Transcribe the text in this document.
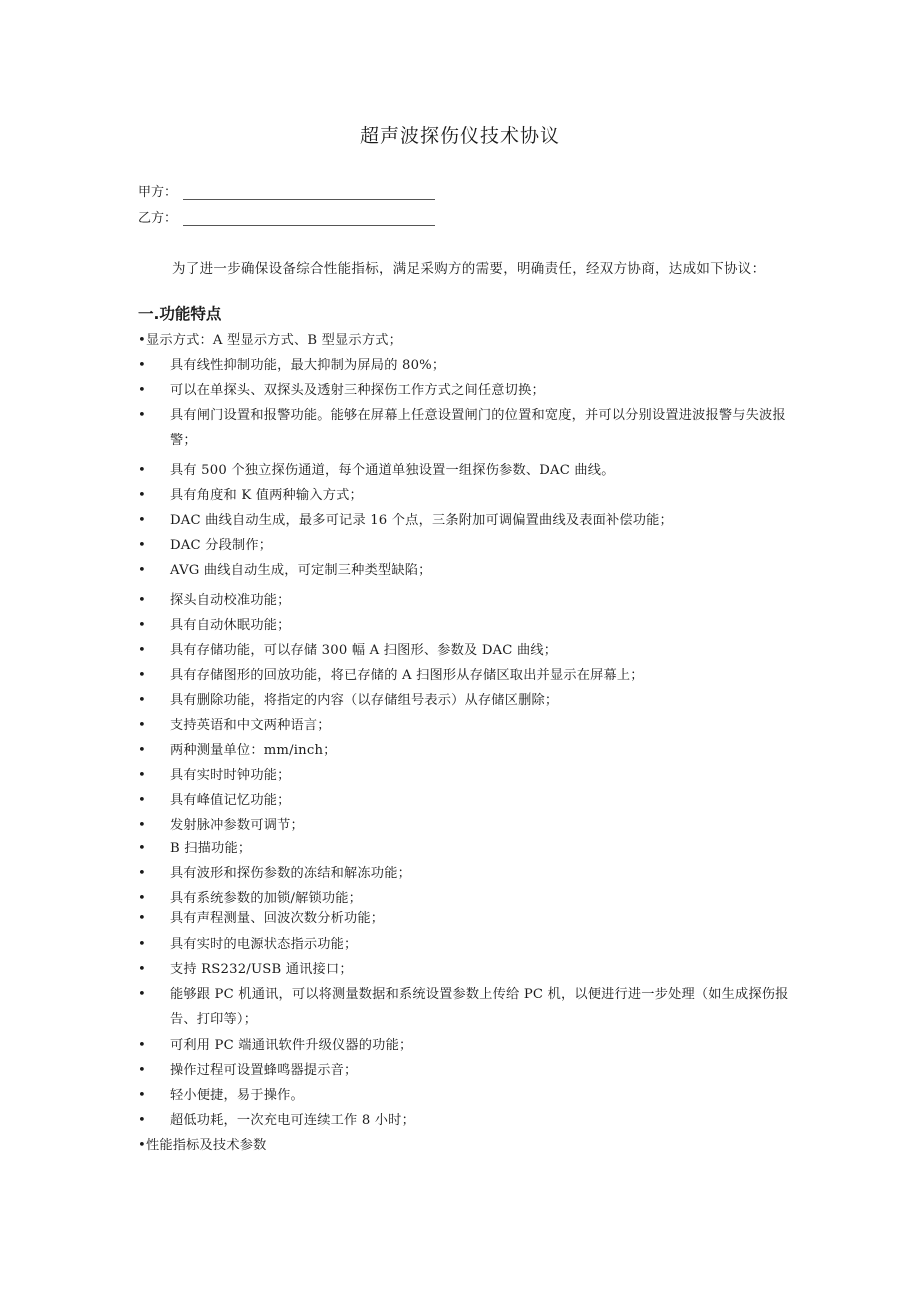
超声波探伤仪技术协议
甲方：
乙方：
为了进一步确保设备综合性能指标，满足采购方的需要，明确责任，经双方协商，达成如下协议：
一.功能特点
• 显示方式：A 型显示方式、B 型显示方式；
•	具有线性抑制功能，最大抑制为屏局的 80%；
•	可以在单探头、双探头及透射三种探伤工作方式之间任意切换；
•	具有闸门设置和报警功能。能够在屏幕上任意设置闸门的位置和宽度，并可以分别设置进波报警与失波报警；
•	具有 500 个独立探伤通道，每个通道单独设置一组探伤参数、DAC 曲线。
•	具有角度和 K 值两种输入方式；
•	DAC 曲线自动生成，最多可记录 16 个点，三条附加可调偏置曲线及表面补偿功能；
•	DAC 分段制作；
•	AVG 曲线自动生成，可定制三种类型缺陷；
•	探头自动校准功能；
•	具有自动休眠功能；
•	具有存储功能，可以存储 300 幅 A 扫图形、参数及 DAC 曲线；
•	具有存储图形的回放功能，将已存储的 A 扫图形从存储区取出并显示在屏幕上；
•	具有删除功能，将指定的内容（以存储组号表示）从存储区删除；
•	支持英语和中文两种语言；
•	两种测量单位：mm/inch；
•	具有实时时钟功能；
•	具有峰值记忆功能；
•	发射脉冲参数可调节；
•	B 扫描功能；
•	具有波形和探伤参数的冻结和解冻功能；
•	具有系统参数的加锁/解锁功能；
•	具有声程测量、回波次数分析功能；
•	具有实时的电源状态指示功能；
•	支持 RS232/USB 通讯接口；
•	能够跟 PC 机通讯，可以将测量数据和系统设置参数上传给 PC 机，以便进行进一步处理（如生成探伤报告、打印等）；
•	可利用 PC 端通讯软件升级仪器的功能；
•	操作过程可设置蜂鸣器提示音；
•	轻小便捷，易于操作。
•	超低功耗，一次充电可连续工作 8 小时；
• 性能指标及技术参数
